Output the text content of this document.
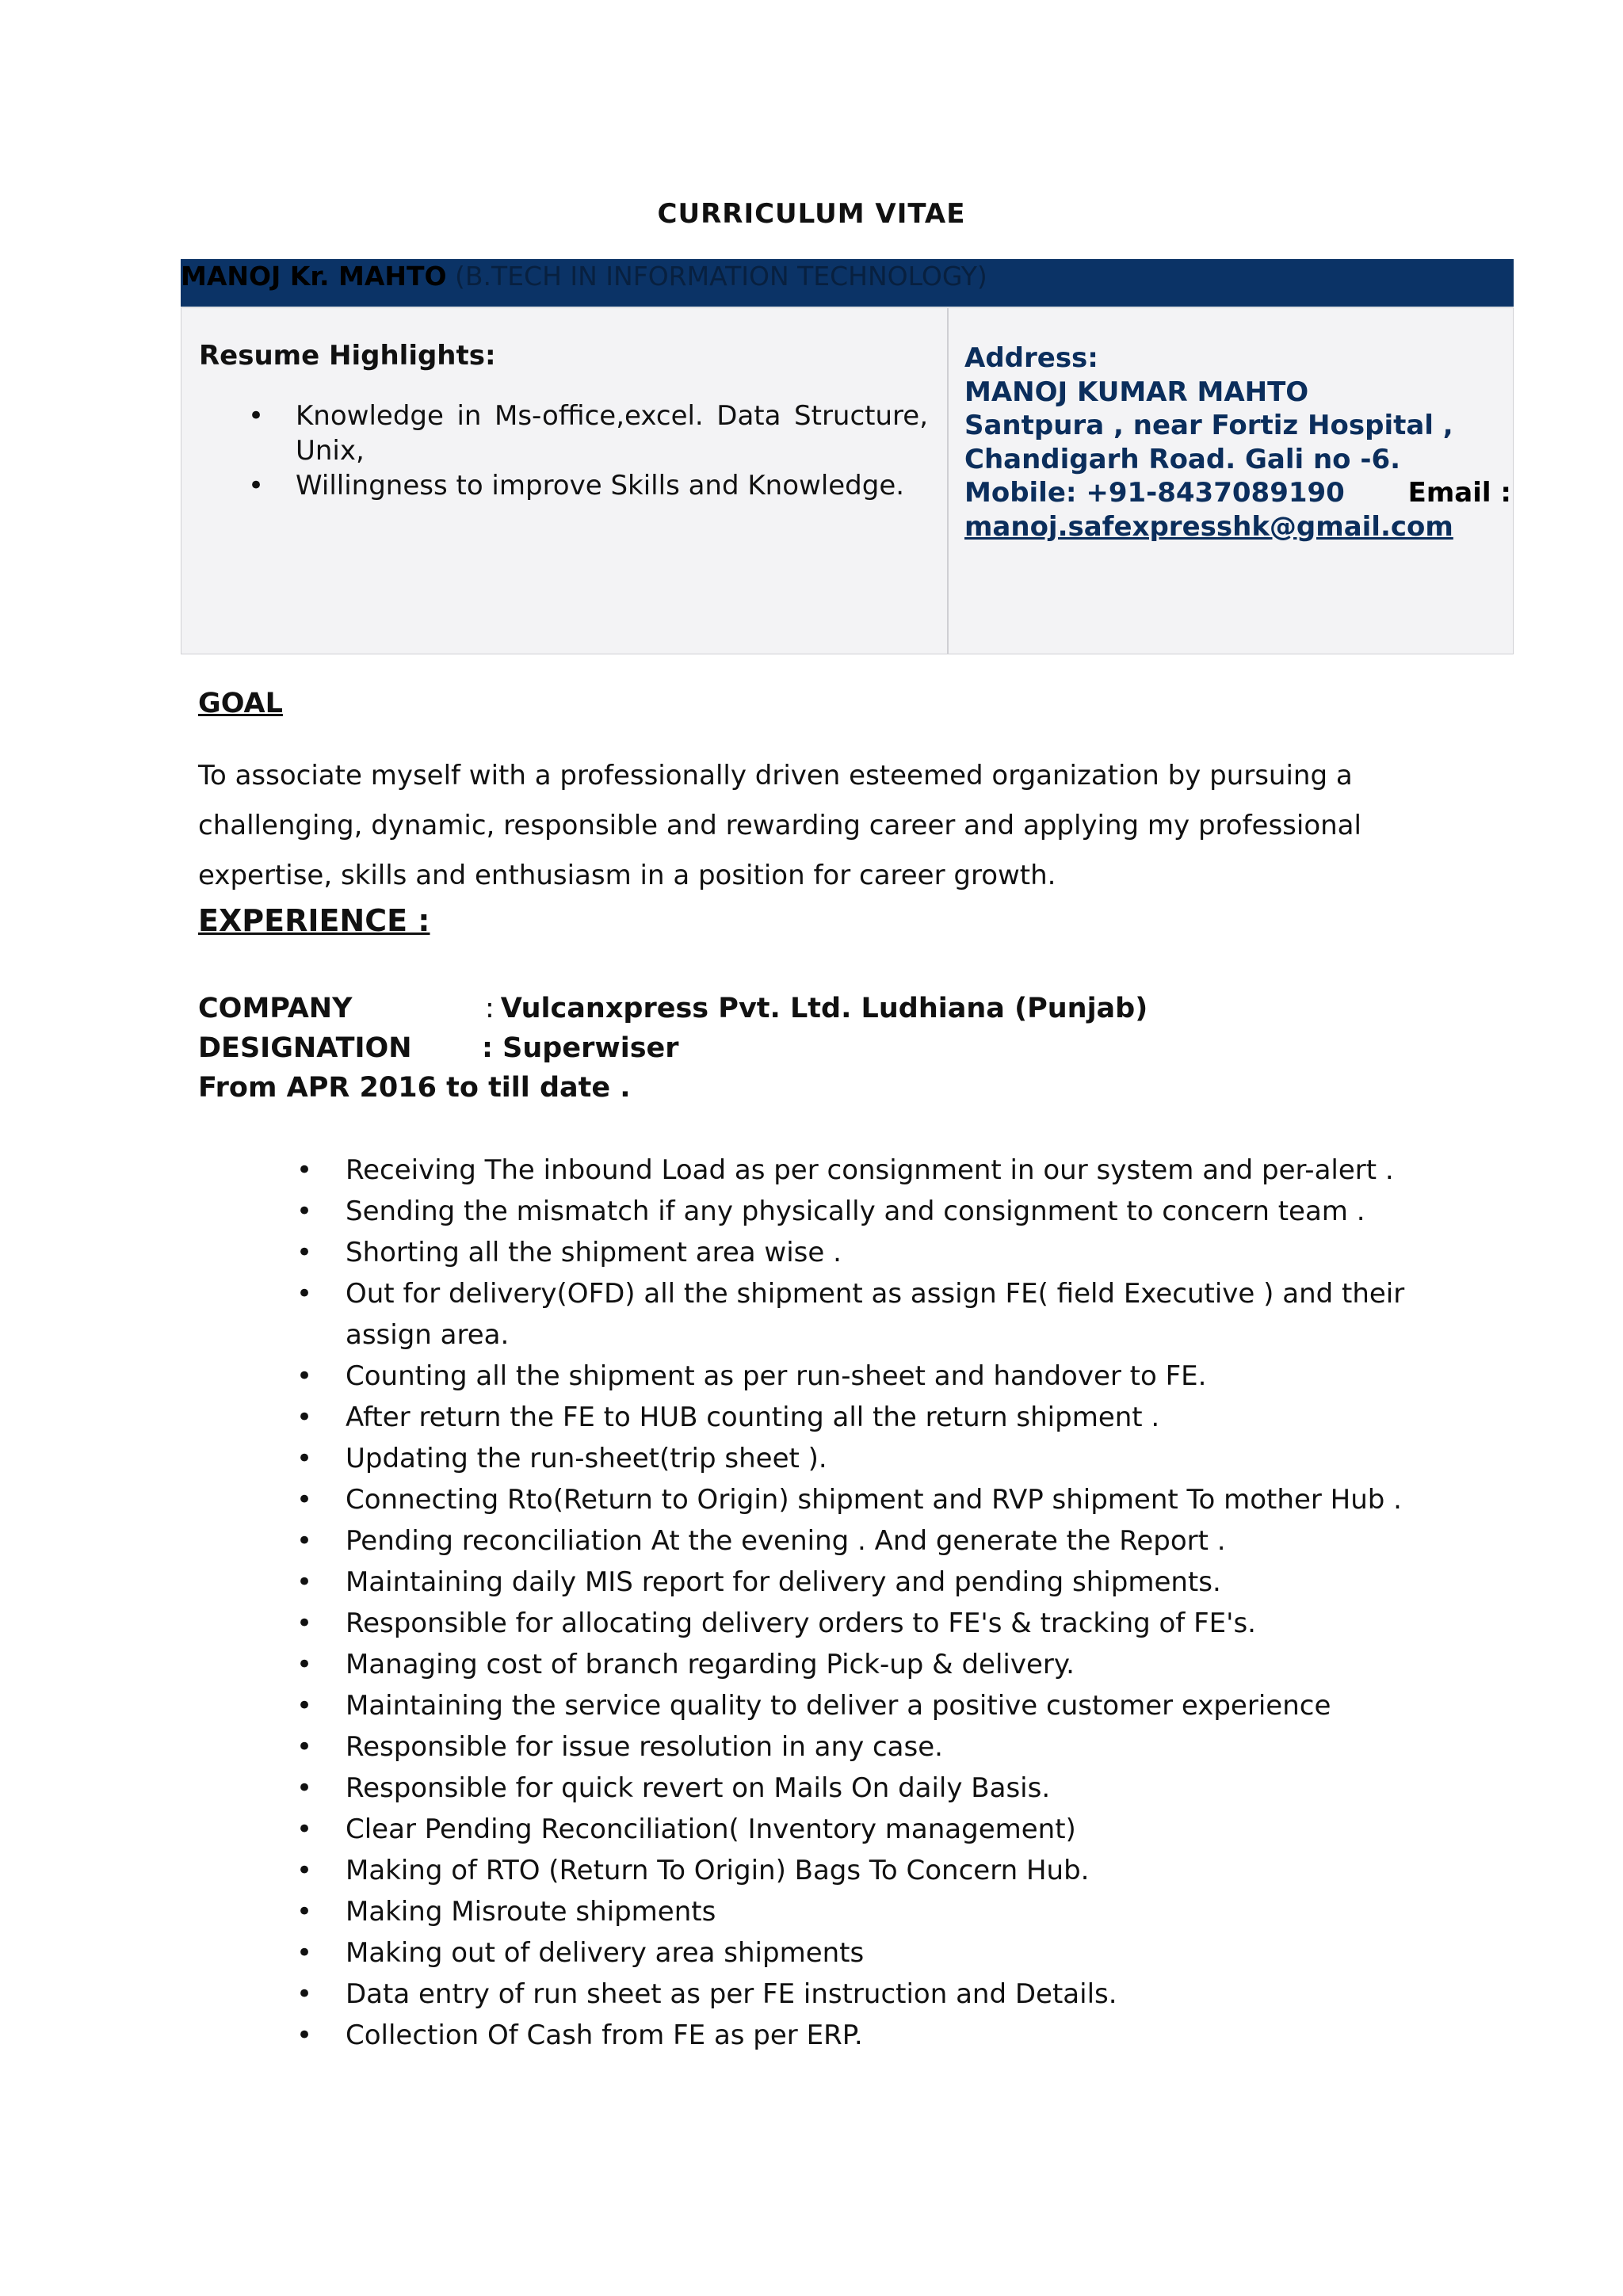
CURRICULUM VITAE
MANOJ Kr. MAHTO (B.TECH IN INFORMATION TECHNOLOGY)
Resume Highlights:
• Knowledge in Ms-office,excel. Data Structure, Unix,
• Willingness to improve Skills and Knowledge.
Address:
MANOJ KUMAR MAHTO
Santpura , near Fortiz Hospital ,
Chandigarh Road. Gali no -6.
Mobile: +91-8437089190 Email :
manoj.safexpresshk@gmail.com
GOAL
To associate myself with a professionally driven esteemed organization by pursuing a challenging, dynamic, responsible and rewarding career and applying my professional expertise, skills and enthusiasm in a position for career growth.
EXPERIENCE :
COMPANY	: Vulcanxpress Pvt. Ltd. Ludhiana (Punjab)
DESIGNATION	: Superwiser
From APR 2016 to till date .
• Receiving The inbound Load as per consignment in our system and per-alert .
• Sending the mismatch if any physically and consignment to concern team .
• Shorting all the shipment area wise .
• Out for delivery(OFD) all the shipment as assign FE( field Executive ) and their assign area.
• Counting all the shipment as per run-sheet and handover to FE.
• After return the FE to HUB counting all the return shipment .
• Updating the run-sheet(trip sheet ).
• Connecting Rto(Return to Origin) shipment and RVP shipment To mother Hub .
• Pending reconciliation At the evening . And generate the Report .
• Maintaining daily MIS report for delivery and pending shipments.
• Responsible for allocating delivery orders to FE's & tracking of FE's.
• Managing cost of branch regarding Pick-up & delivery.
• Maintaining the service quality to deliver a positive customer experience
• Responsible for issue resolution in any case.
• Responsible for quick revert on Mails On daily Basis.
• Clear Pending Reconciliation( Inventory management)
• Making of RTO (Return To Origin) Bags To Concern Hub.
• Making Misroute shipments
• Making out of delivery area shipments
• Data entry of run sheet as per FE instruction and Details.
• Collection Of Cash from FE as per ERP.
